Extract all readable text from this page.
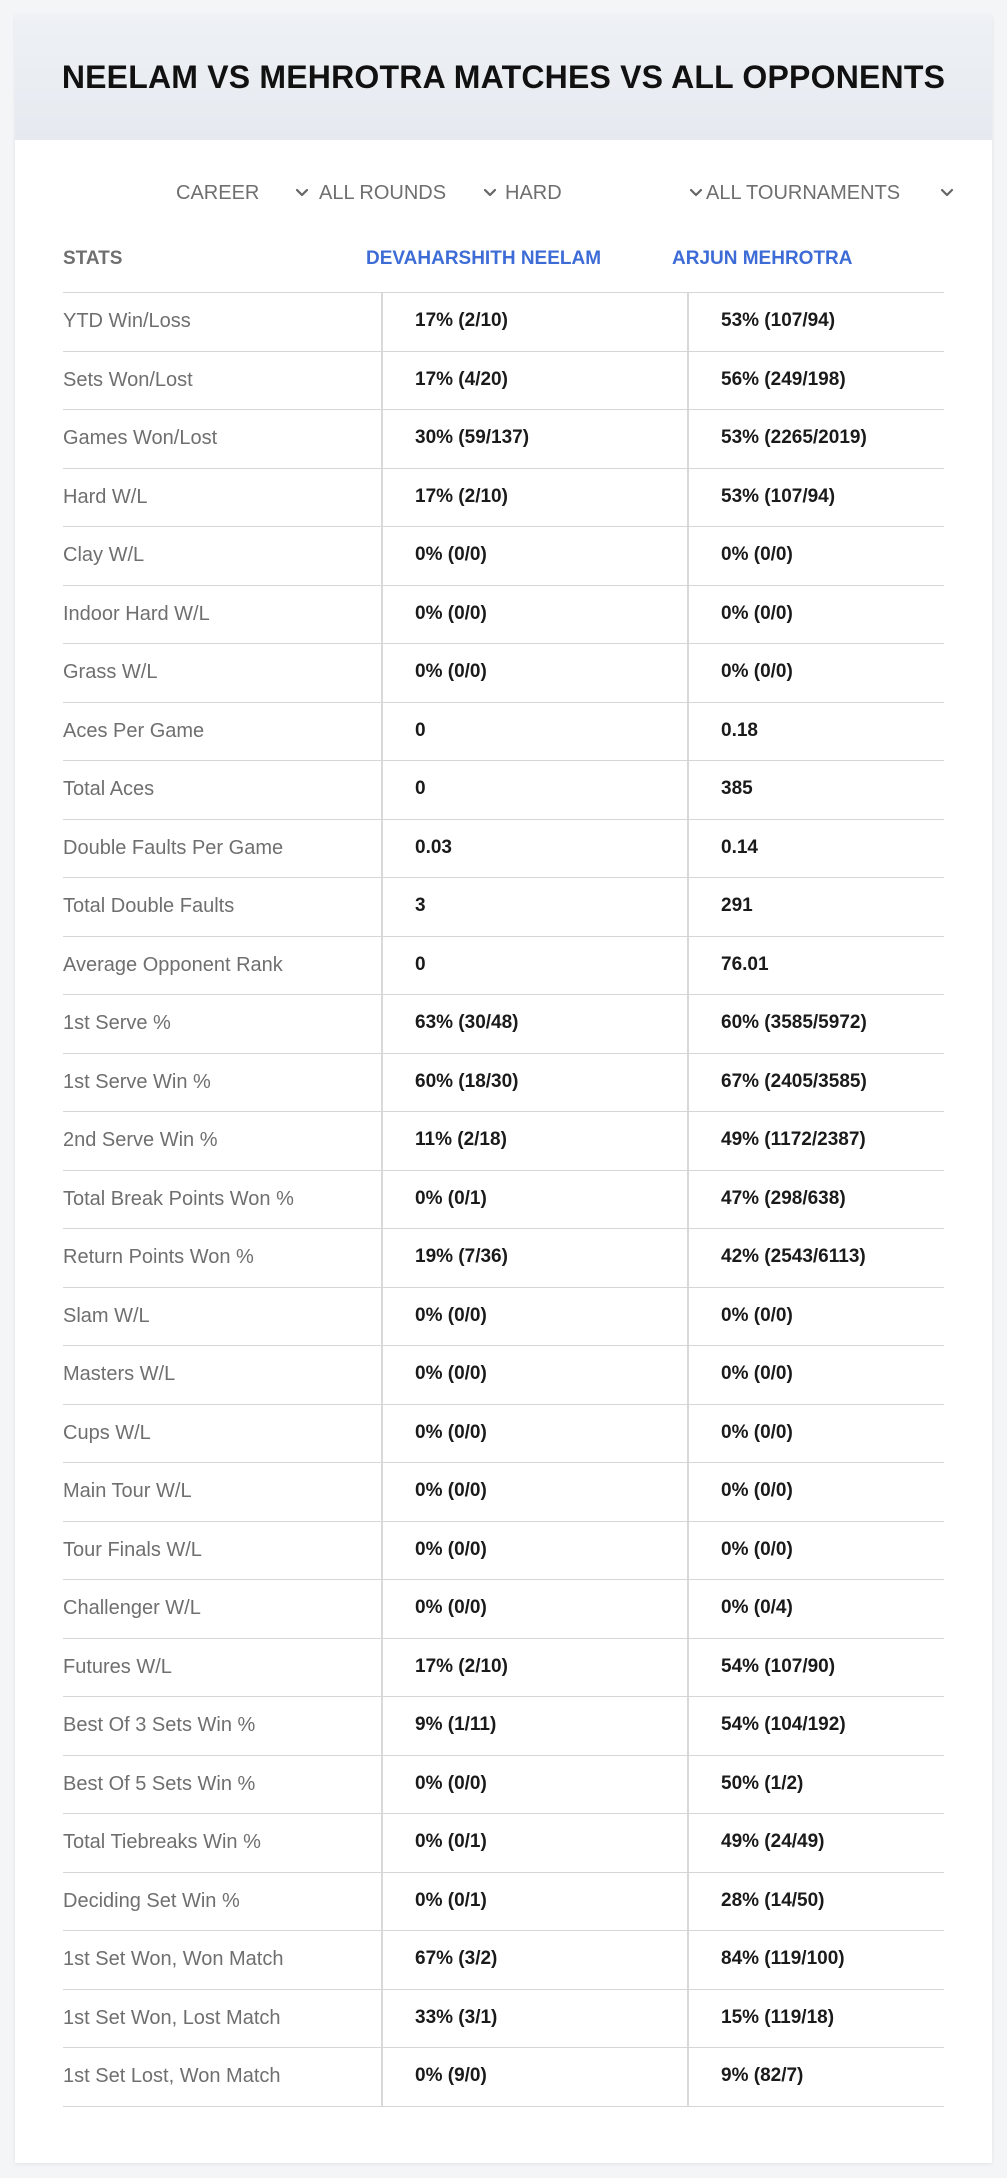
NEELAM VS MEHROTRA MATCHES VS ALL OPPONENTS
CAREER	ALL ROUNDS	HARD	ALL TOURNAMENTS
STATS	DEVAHARSHITH NEELAM	ARJUN MEHROTRA
YTD Win/Loss	17% (2/10)	53% (107/94)
Sets Won/Lost	17% (4/20)	56% (249/198)
Games Won/Lost	30% (59/137)	53% (2265/2019)
Hard W/L	17% (2/10)	53% (107/94)
Clay W/L	0% (0/0)	0% (0/0)
Indoor Hard W/L	0% (0/0)	0% (0/0)
Grass W/L	0% (0/0)	0% (0/0)
Aces Per Game	0	0.18
Total Aces	0	385
Double Faults Per Game	0.03	0.14
Total Double Faults	3	291
Average Opponent Rank	0	76.01
1st Serve %	63% (30/48)	60% (3585/5972)
1st Serve Win %	60% (18/30)	67% (2405/3585)
2nd Serve Win %	11% (2/18)	49% (1172/2387)
Total Break Points Won %	0% (0/1)	47% (298/638)
Return Points Won %	19% (7/36)	42% (2543/6113)
Slam W/L	0% (0/0)	0% (0/0)
Masters W/L	0% (0/0)	0% (0/0)
Cups W/L	0% (0/0)	0% (0/0)
Main Tour W/L	0% (0/0)	0% (0/0)
Tour Finals W/L	0% (0/0)	0% (0/0)
Challenger W/L	0% (0/0)	0% (0/4)
Futures W/L	17% (2/10)	54% (107/90)
Best Of 3 Sets Win %	9% (1/11)	54% (104/192)
Best Of 5 Sets Win %	0% (0/0)	50% (1/2)
Total Tiebreaks Win %	0% (0/1)	49% (24/49)
Deciding Set Win %	0% (0/1)	28% (14/50)
1st Set Won, Won Match	67% (3/2)	84% (119/100)
1st Set Won, Lost Match	33% (3/1)	15% (119/18)
1st Set Lost, Won Match	0% (9/0)	9% (82/7)
